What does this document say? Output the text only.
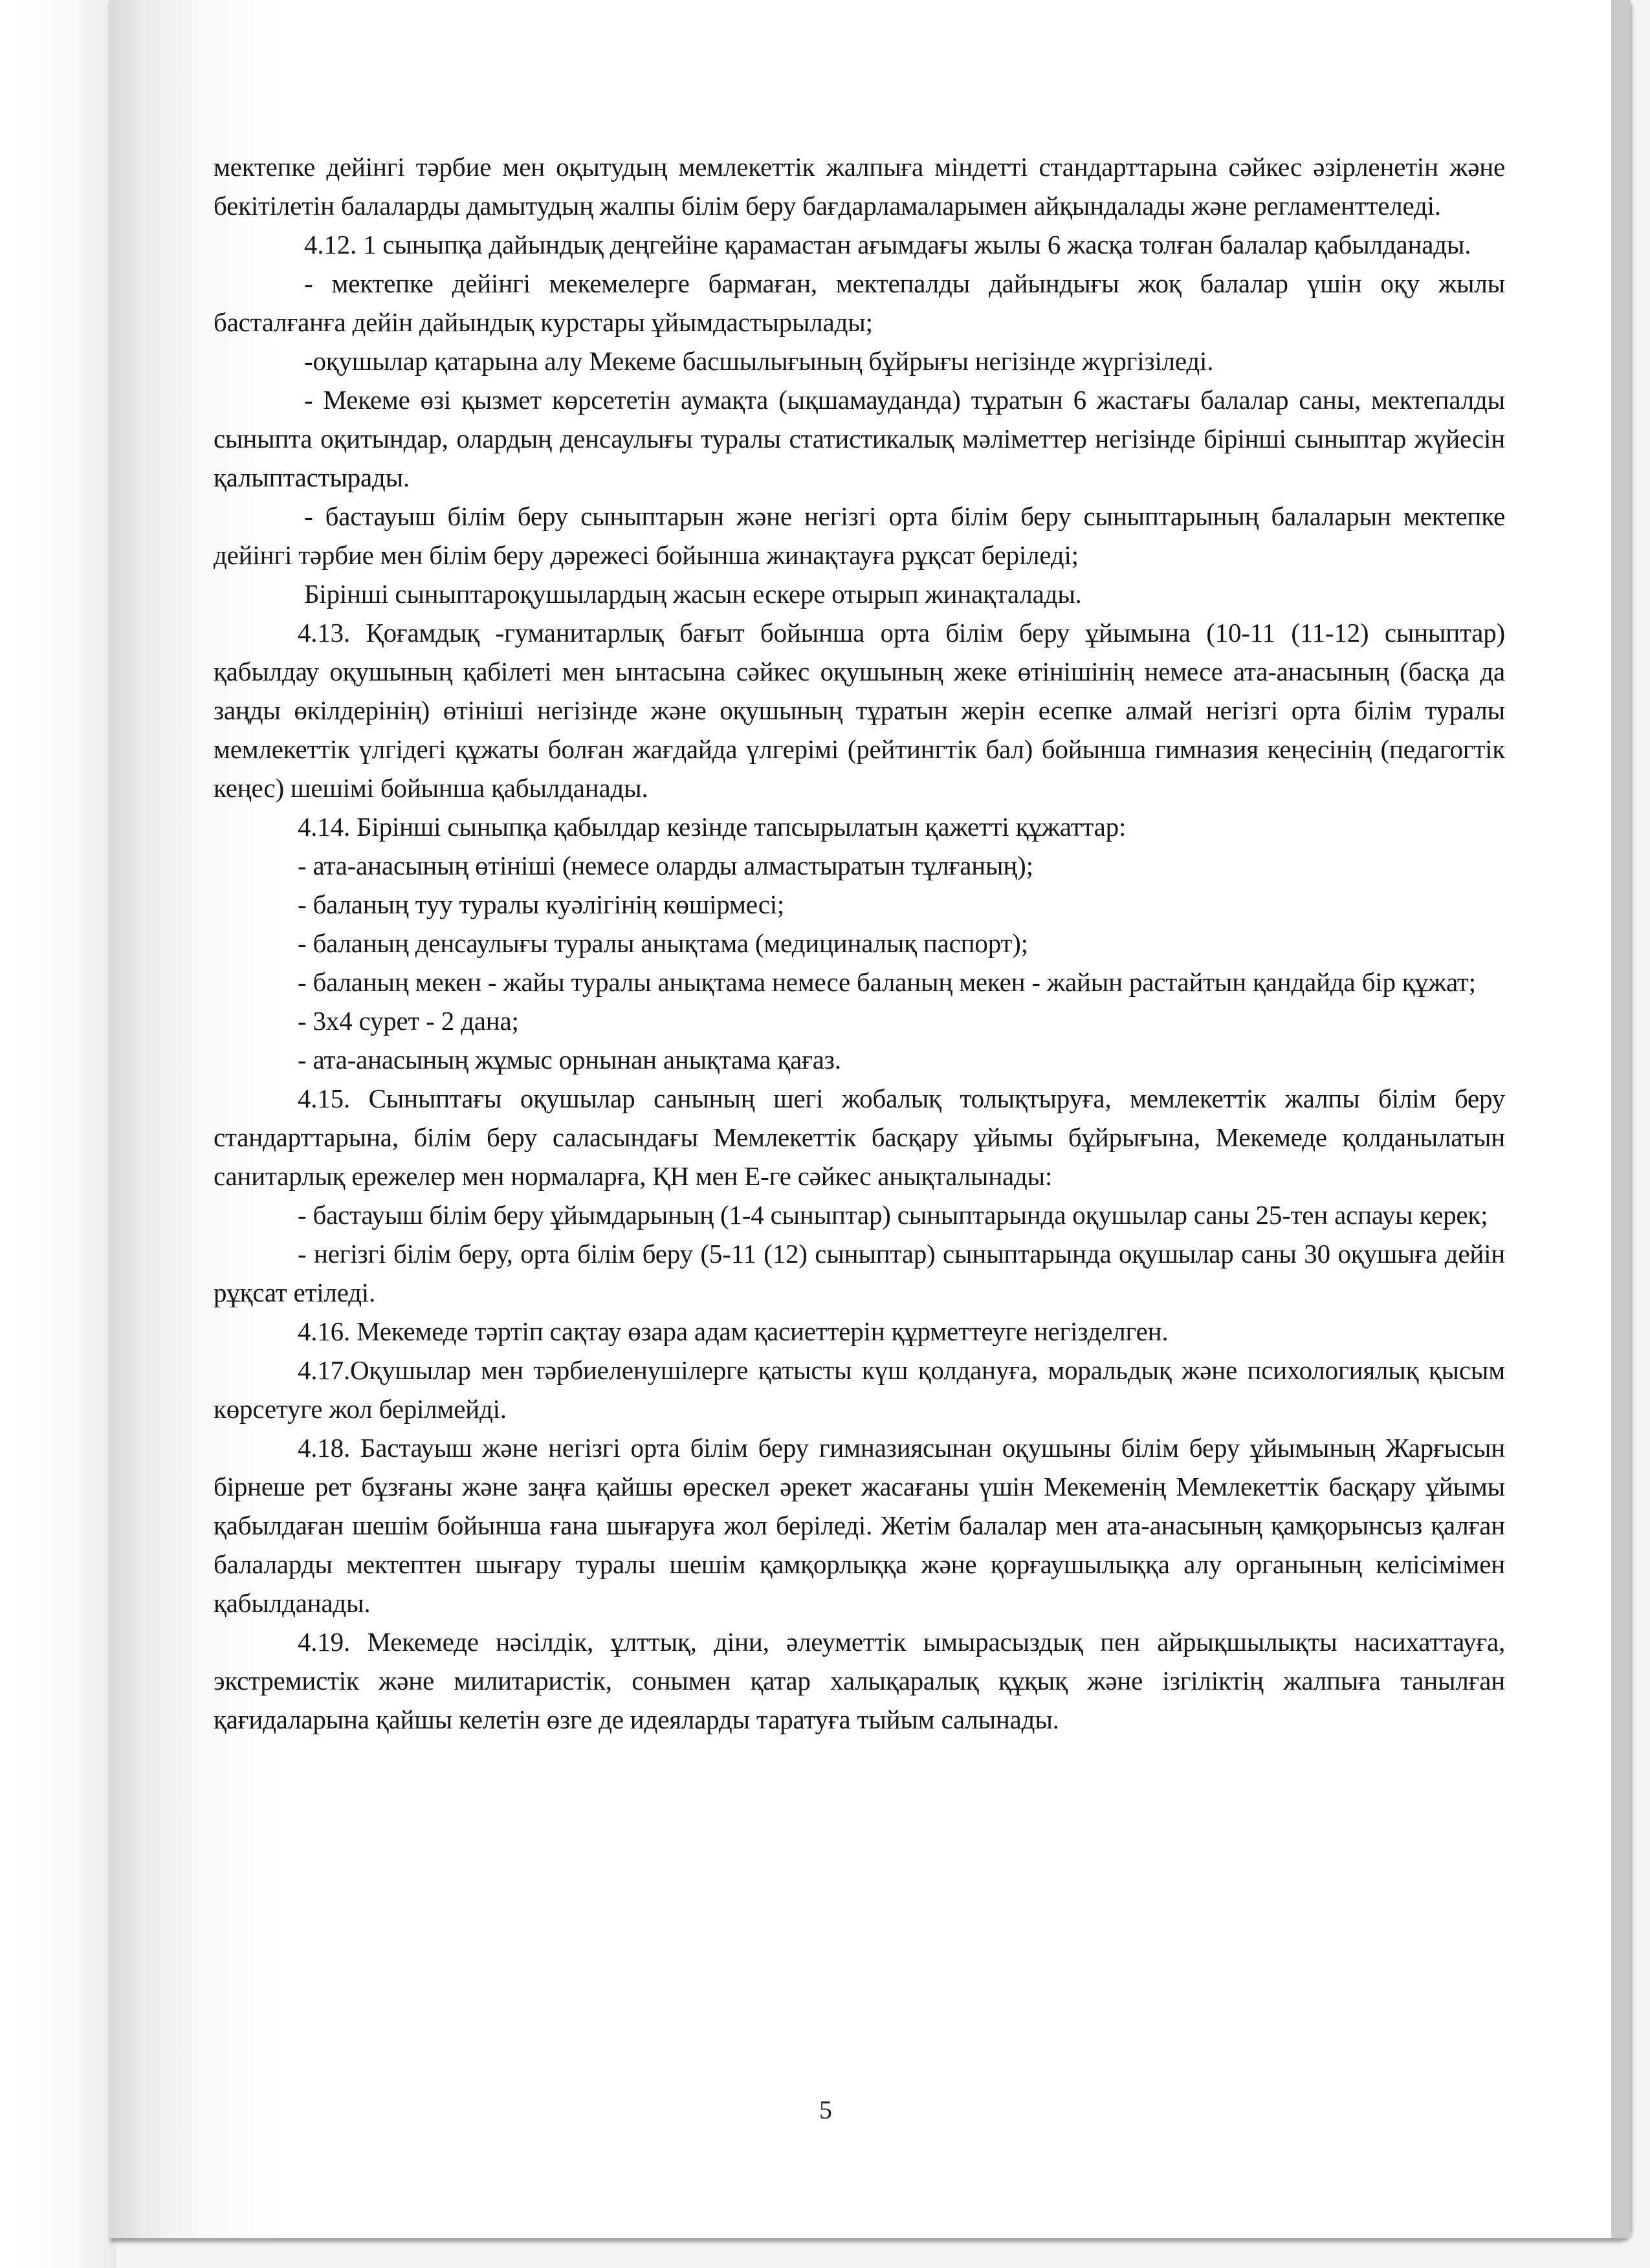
мектепке дейінгі тәрбие мен оқытудың мемлекеттік жалпыға міндетті стандарттарына сәйкес әзірленетін және бекітілетін балаларды дамытудың жалпы білім беру бағдарламаларымен айқындалады және регламенттеледі.

4.12. 1 сыныпқа дайындық деңгейіне қарамастан ағымдағы жылы 6 жасқа толған балалар қабылданады.

- мектепке дейінгі мекемелерге бармаған, мектепалды дайындығы жоқ балалар үшін оқу жылы басталғанға дейін дайындық курстары ұйымдастырылады;

-оқушылар қатарына алу Мекеме басшылығының бұйрығы негізінде жүргізіледі.

- Мекеме өзі қызмет көрсететін аумақта (ықшамауданда) тұратын 6 жастағы балалар саны, мектепалды сыныпта оқитындар, олардың денсаулығы туралы статистикалық мәліметтер негізінде бірінші сыныптар жүйесін қалыптастырады.

- бастауыш білім беру сыныптарын және негізгі орта білім беру сыныптарының балаларын мектепке дейінгі тәрбие мен білім беру дәрежесі бойынша жинақтауға рұқсат беріледі;

Бірінші сыныптароқушылардың жасын ескере отырып жинақталады.

4.13. Қоғамдық -гуманитарлық бағыт бойынша орта білім беру ұйымына (10-11 (11-12) сыныптар) қабылдау оқушының қабілеті мен ынтасына сәйкес оқушының жеке өтінішінің немесе ата-анасының (басқа да заңды өкілдерінің) өтініші негізінде және оқушының тұратын жерін есепке алмай негізгі орта білім туралы мемлекеттік үлгідегі құжаты болған жағдайда үлгерімі (рейтингтік бал) бойынша гимназия кеңесінің (педагогтік кеңес) шешімі бойынша қабылданады.

4.14. Бірінші сыныпқа қабылдар кезінде тапсырылатын қажетті құжаттар:

- ата-анасының өтініші (немесе оларды алмастыратын тұлғаның);

- баланың туу туралы куәлігінің көшірмесі;

- баланың денсаулығы туралы анықтама (медициналық паспорт);

- баланың мекен - жайы туралы анықтама немесе баланың мекен - жайын растайтын қандайда бір құжат;

- 3х4 сурет - 2 дана;

- ата-анасының жұмыс орнынан анықтама қағаз.

4.15. Сыныптағы оқушылар санының шегі жобалық толықтыруға, мемлекеттік жалпы білім беру стандарттарына, білім беру саласындағы Мемлекеттік басқару ұйымы бұйрығына, Мекемеде қолданылатын санитарлық ережелер мен нормаларға, ҚН мен Е-ге сәйкес анықталынады:

- бастауыш білім беру ұйымдарының (1-4 сыныптар) сыныптарында оқушылар саны 25-тен аспауы керек;

- негізгі білім беру, орта білім беру (5-11 (12) сыныптар) сыныптарында оқушылар саны 30 оқушыға дейін рұқсат етіледі.

4.16. Мекемеде тәртіп сақтау өзара адам қасиеттерін құрметтеуге негізделген.

4.17.Оқушылар мен тәрбиеленушілерге қатысты күш қолдануға, моральдық және психологиялық қысым көрсетуге жол берілмейді.

4.18. Бастауыш және негізгі орта білім беру гимназиясынан оқушыны білім беру ұйымының Жарғысын бірнеше рет бұзғаны және заңға қайшы өрескел әрекет жасағаны үшін Мекеменің Мемлекеттік басқару ұйымы қабылдаған шешім бойынша ғана шығаруға жол беріледі. Жетім балалар мен ата-анасының қамқорынсыз қалған балаларды мектептен шығару туралы шешім қамқорлыққа және қорғаушылыққа алу органының келісімімен қабылданады.

4.19. Мекемеде нәсілдік, ұлттық, діни, әлеуметтік ымырасыздық пен айрықшылықты насихаттауға, экстремистік және милитаристік, сонымен қатар халықаралық құқық және ізгіліктің жалпыға танылған қағидаларына қайшы келетін өзге де идеяларды таратуға тыйым салынады.

5
